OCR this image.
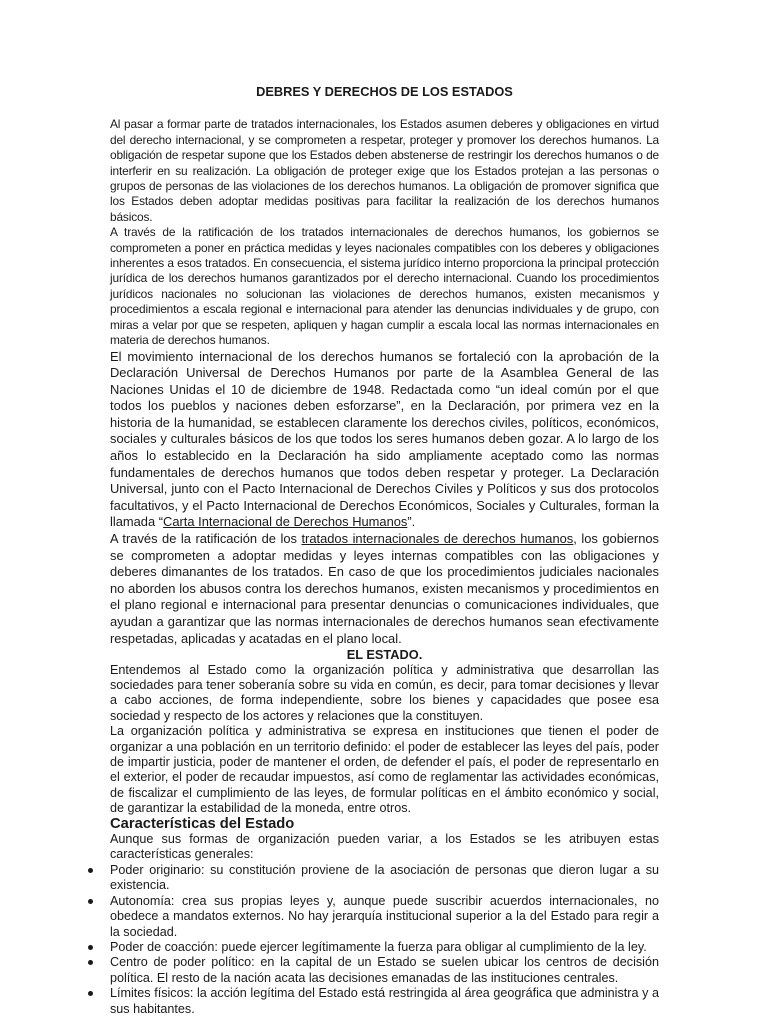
DEBRES Y DERECHOS DE LOS ESTADOS

Al pasar a formar parte de tratados internacionales, los Estados asumen deberes y obligaciones en virtud del derecho internacional, y se comprometen a respetar, proteger y promover los derechos humanos. La obligación de respetar supone que los Estados deben abstenerse de restringir los derechos humanos o de interferir en su realización. La obligación de proteger exige que los Estados protejan a las personas o grupos de personas de las violaciones de los derechos humanos. La obligación de promover significa que los Estados deben adoptar medidas positivas para facilitar la realización de los derechos humanos básicos.

A través de la ratificación de los tratados internacionales de derechos humanos, los gobiernos se comprometen a poner en práctica medidas y leyes nacionales compatibles con los deberes y obligaciones inherentes a esos tratados. En consecuencia, el sistema jurídico interno proporciona la principal protección jurídica de los derechos humanos garantizados por el derecho internacional. Cuando los procedimientos jurídicos nacionales no solucionan las violaciones de derechos humanos, existen mecanismos y procedimientos a escala regional e internacional para atender las denuncias individuales y de grupo, con miras a velar por que se respeten, apliquen y hagan cumplir a escala local las normas internacionales en materia de derechos humanos.

El movimiento internacional de los derechos humanos se fortaleció con la aprobación de la Declaración Universal de Derechos Humanos por parte de la Asamblea General de las Naciones Unidas el 10 de diciembre de 1948. Redactada como “un ideal común por el que todos los pueblos y naciones deben esforzarse”, en la Declaración, por primera vez en la historia de la humanidad, se establecen claramente los derechos civiles, políticos, económicos, sociales y culturales básicos de los que todos los seres humanos deben gozar. A lo largo de los años lo establecido en la Declaración ha sido ampliamente aceptado como las normas fundamentales de derechos humanos que todos deben respetar y proteger. La Declaración Universal, junto con el Pacto Internacional de Derechos Civiles y Políticos y sus dos protocolos facultativos, y el Pacto Internacional de Derechos Económicos, Sociales y Culturales, forman la llamada “Carta Internacional de Derechos Humanos”.

A través de la ratificación de los tratados internacionales de derechos humanos, los gobiernos se comprometen a adoptar medidas y leyes internas compatibles con las obligaciones y deberes dimanantes de los tratados. En caso de que los procedimientos judiciales nacionales no aborden los abusos contra los derechos humanos, existen mecanismos y procedimientos en el plano regional e internacional para presentar denuncias o comunicaciones individuales, que ayudan a garantizar que las normas internacionales de derechos humanos sean efectivamente respetadas, aplicadas y acatadas en el plano local.

EL ESTADO.

Entendemos al Estado como la organización política y administrativa que desarrollan las sociedades para tener soberanía sobre su vida en común, es decir, para tomar decisiones y llevar a cabo acciones, de forma independiente, sobre los bienes y capacidades que posee esa sociedad y respecto de los actores y relaciones que la constituyen.

La organización política y administrativa se expresa en instituciones que tienen el poder de organizar a una población en un territorio definido: el poder de establecer las leyes del país, poder de impartir justicia, poder de mantener el orden, de defender el país, el poder de representarlo en el exterior, el poder de recaudar impuestos, así como de reglamentar las actividades económicas, de fiscalizar el cumplimiento de las leyes, de formular políticas en el ámbito económico y social, de garantizar la estabilidad de la moneda, entre otros.

Características del Estado

Aunque sus formas de organización pueden variar, a los Estados se les atribuyen estas características generales:

Poder originario: su constitución proviene de la asociación de personas que dieron lugar a su existencia.
Autonomía: crea sus propias leyes y, aunque puede suscribir acuerdos internacionales, no obedece a mandatos externos. No hay jerarquía institucional superior a la del Estado para regir a la sociedad.
Poder de coacción: puede ejercer legítimamente la fuerza para obligar al cumplimiento de la ley.
Centro de poder político: en la capital de un Estado se suelen ubicar los centros de decisión política. El resto de la nación acata las decisiones emanadas de las instituciones centrales.
Límites físicos: la acción legítima del Estado está restringida al área geográfica que administra y a sus habitantes.
